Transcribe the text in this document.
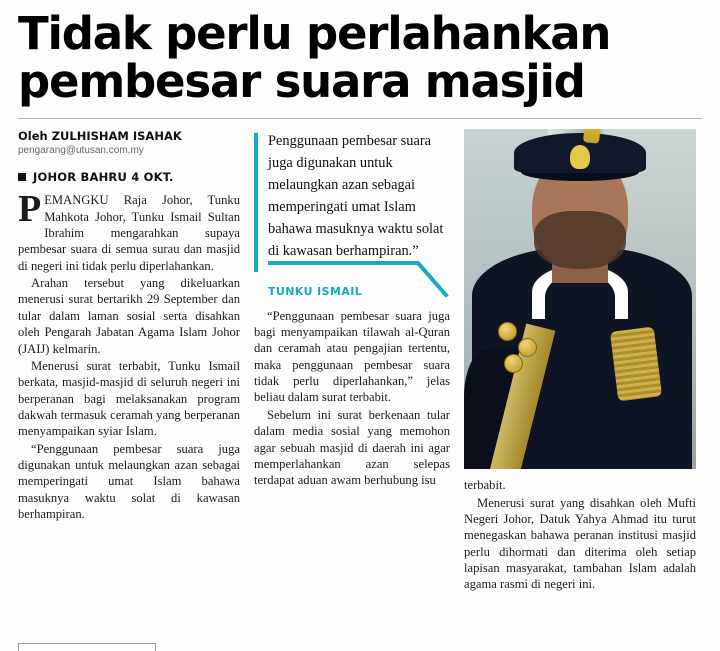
Tidak perlu perlahankan
pembesar suara masjid
Oleh ZULHISHAM ISAHAK
pengarang@utusan.com.my
JOHOR BAHRU 4 OKT.

PEMANGKU Raja Johor, Tunku Mahkota Johor, Tunku Ismail Sultan Ibrahim mengarahkan supaya pembesar suara di semua surau dan masjid di negeri ini tidak perlu diperlahankan.

Arahan tersebut yang dikeluarkan menerusi surat bertarikh 29 September dan tular dalam laman sosial serta disahkan oleh Pengarah Jabatan Agama Islam Johor (JAIJ) kelmarin.

Menerusi surat terbabit, Tunku Ismail berkata, masjid-masjid di seluruh negeri ini berperanan bagi melaksanakan program dakwah termasuk ceramah yang berperanan menyampaikan syiar Islam.

“Penggunaan pembesar suara juga digunakan untuk melaungkan azan sebagai memperingati umat Islam bahawa masuknya waktu solat di kawasan berhampiran.

Penggunaan pembesar suara juga digunakan untuk melaungkan azan sebagai memperingati umat Islam bahawa masuknya waktu solat di kawasan berhampiran.”

TUNKU ISMAIL

“Penggunaan pembesar suara juga bagi menyampaikan tilawah al-Quran dan ceramah atau pengajian tertentu, maka penggunaan pembesar suara tidak perlu diperlahankan,” jelas beliau dalam surat terbabit.

Sebelum ini surat berkenaan tular dalam media sosial yang memohon agar sebuah masjid di daerah ini agar memperlahankan azan selepas terdapat aduan awam berhubung isu	terbabit.

Menerusi surat yang disahkan oleh Mufti Negeri Johor, Datuk Yahya Ahmad itu turut menegaskan bahawa peranan institusi masjid perlu dihormati dan diterima oleh setiap lapisan masyarakat, tambahan Islam adalah agama rasmi di negeri ini.
